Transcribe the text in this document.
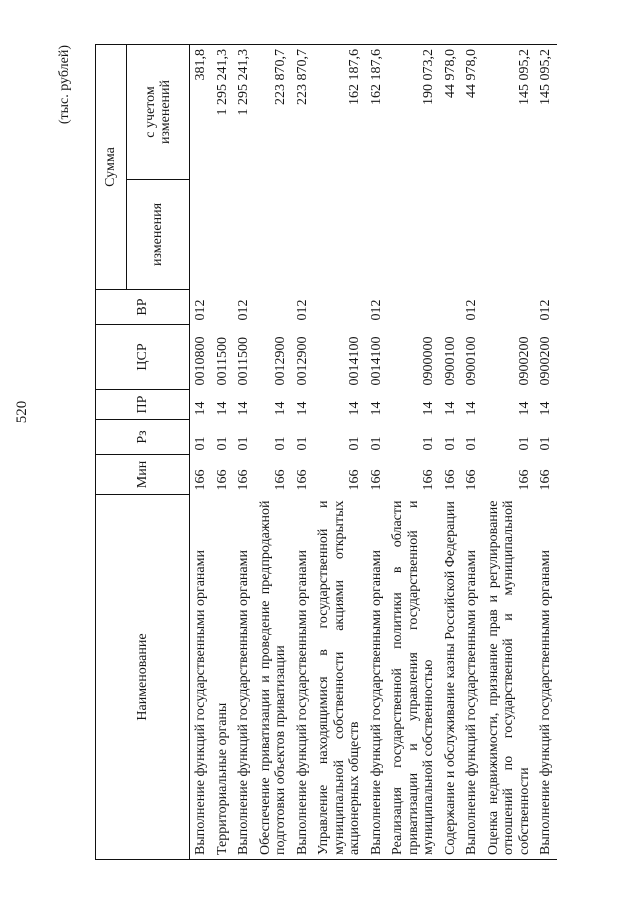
520
(тыс. рублей)
Наименование	Мин	Рз	ПР	ЦСР	ВР	Сумма	
						изменения	с учетом изменений
Выполнение функций государственными органами	166	01	14	0010800	012		381,8
Территориальные органы	166	01	14	0011500			1 295 241,3
Выполнение функций государственными органами	166	01	14	0011500	012		1 295 241,3
Обеспечение приватизации и проведение предпродажной подготовки объектов приватизации	166	01	14	0012900			223 870,7
Выполнение функций государственными органами	166	01	14	0012900	012		223 870,7
Управление находящимися в государственной и муниципальной собственности акциями открытых акционерных обществ	166	01	14	0014100			162 187,6
Выполнение функций государственными органами	166	01	14	0014100	012		162 187,6
Реализация государственной политики в области приватизации и управления государственной и муниципальной собственностью	166	01	14	0900000			190 073,2
Содержание и обслуживание казны Российской Федерации	166	01	14	0900100			44 978,0
Выполнение функций государственными органами	166	01	14	0900100	012		44 978,0
Оценка недвижимости, признание прав и регулирование отношений по государственной и муниципальной собственности	166	01	14	0900200			145 095,2
Выполнение функций государственными органами	166	01	14	0900200	012		145 095,2
